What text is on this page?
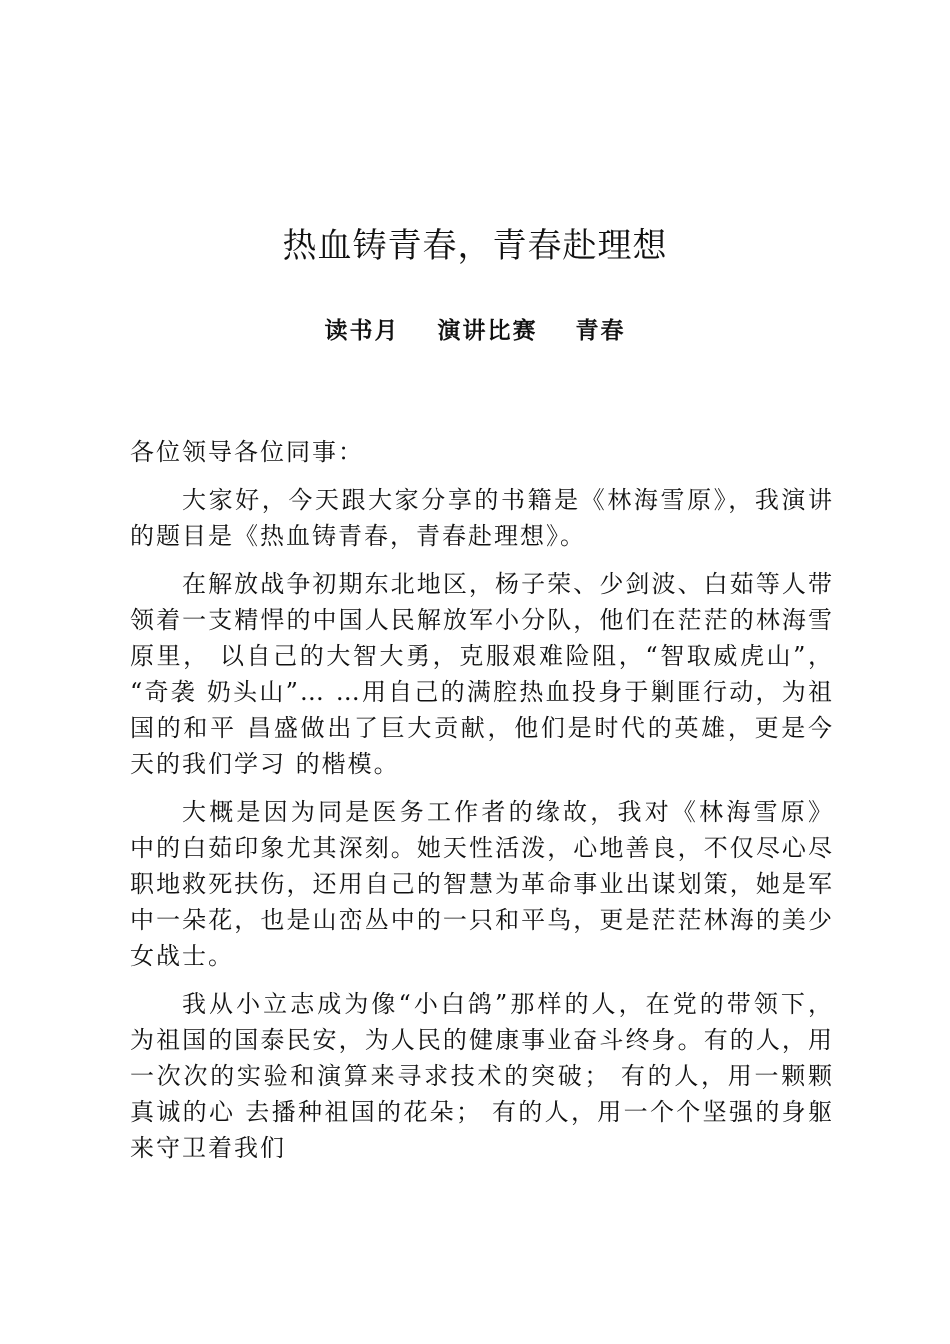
热血铸青春，青春赴理想
读书月 演讲比赛 青春

各位领导各位同事：

大家好，今天跟大家分享的书籍是《林海雪原》，我演讲的题目是《热血铸青春，青春赴理想》。

在解放战争初期东北地区，杨子荣、少剑波、白茹等人带领着一支精悍的中国人民解放军小分队，他们在茫茫的林海雪原里， 以自己的大智大勇，克服艰难险阻，“智取威虎山”， “奇袭 奶头山”… …用自己的满腔热血投身于剿匪行动，为祖国的和平 昌盛做出了巨大贡献，他们是时代的英雄，更是今天的我们学习 的楷模。

大概是因为同是医务工作者的缘故，我对《林海雪原》 中的白茹印象尤其深刻。她天性活泼，心地善良，不仅尽心尽职地救死扶伤，还用自己的智慧为革命事业出谋划策，她是军中一朵花，也是山峦丛中的一只和平鸟，更是茫茫林海的美少女战士。

我从小立志成为像“小白鸽”那样的人，在党的带领下，为祖国的国泰民安，为人民的健康事业奋斗终身。有的人，用一次次的实验和演算来寻求技术的突破； 有的人，用一颗颗真诚的心 去播种祖国的花朵； 有的人，用一个个坚强的身躯来守卫着我们
